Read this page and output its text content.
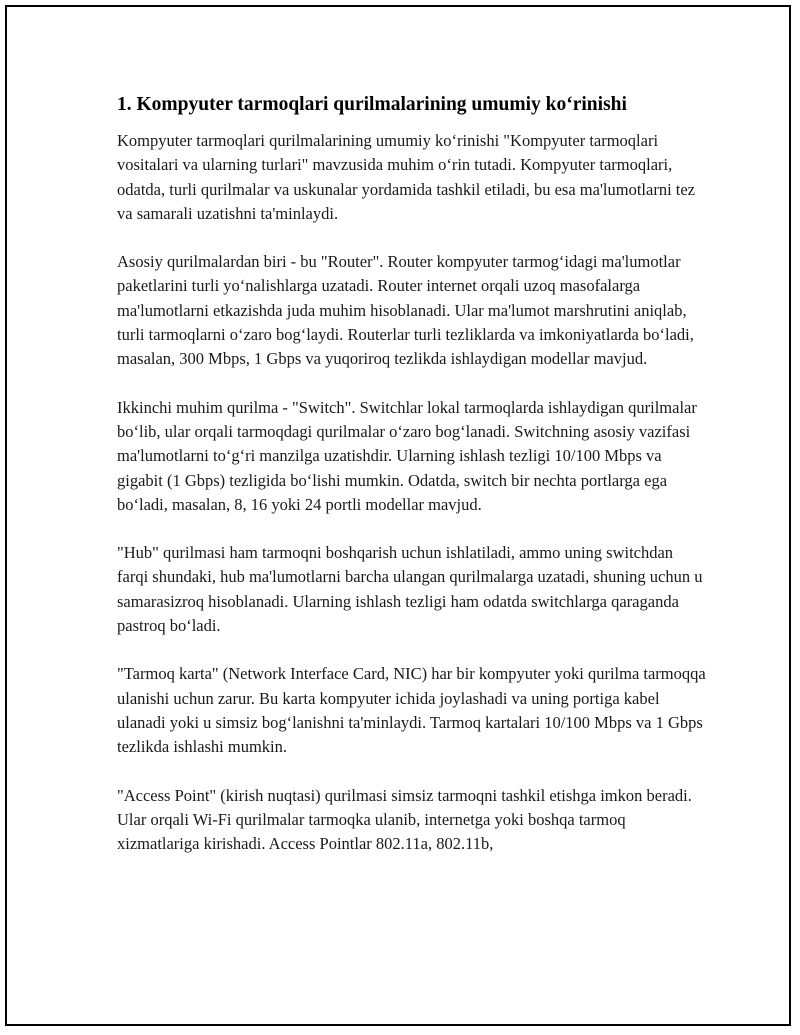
1. Kompyuter tarmoqlari qurilmalarining umumiy koʻrinishi

Kompyuter tarmoqlari qurilmalarining umumiy koʻrinishi "Kompyuter tarmoqlari vositalari va ularning turlari" mavzusida muhim oʻrin tutadi. Kompyuter tarmoqlari, odatda, turli qurilmalar va uskunalar yordamida tashkil etiladi, bu esa ma'lumotlarni tez va samarali uzatishni ta'minlaydi.

Asosiy qurilmalardan biri - bu "Router". Router kompyuter tarmogʻidagi ma'lumotlar paketlarini turli yoʻnalishlarga uzatadi. Router internet orqali uzoq masofalarga ma'lumotlarni etkazishda juda muhim hisoblanadi. Ular ma'lumot marshrutini aniqlab, turli tarmoqlarni oʻzaro bogʻlaydi. Routerlar turli tezliklarda va imkoniyatlarda boʻladi, masalan, 300 Mbps, 1 Gbps va yuqoriroq tezlikda ishlaydigan modellar mavjud.

Ikkinchi muhim qurilma - "Switch". Switchlar lokal tarmoqlarda ishlaydigan qurilmalar boʻlib, ular orqali tarmoqdagi qurilmalar oʻzaro bogʻlanadi. Switchning asosiy vazifasi ma'lumotlarni toʻgʻri manzilga uzatishdir. Ularning ishlash tezligi 10/100 Mbps va gigabit (1 Gbps) tezligida boʻlishi mumkin. Odatda, switch bir nechta portlarga ega boʻladi, masalan, 8, 16 yoki 24 portli modellar mavjud.

"Hub" qurilmasi ham tarmoqni boshqarish uchun ishlatiladi, ammo uning switchdan farqi shundaki, hub ma'lumotlarni barcha ulangan qurilmalarga uzatadi, shuning uchun u samarasizroq hisoblanadi. Ularning ishlash tezligi ham odatda switchlarga qaraganda pastroq boʻladi.

"Tarmoq karta" (Network Interface Card, NIC) har bir kompyuter yoki qurilma tarmoqqa ulanishi uchun zarur. Bu karta kompyuter ichida joylashadi va uning portiga kabel ulanadi yoki u simsiz bogʻlanishni ta'minlaydi. Tarmoq kartalari 10/100 Mbps va 1 Gbps tezlikda ishlashi mumkin.

"Access Point" (kirish nuqtasi) qurilmasi simsiz tarmoqni tashkil etishga imkon beradi. Ular orqali Wi-Fi qurilmalar tarmoqka ulanib, internetga yoki boshqa tarmoq xizmatlariga kirishadi. Access Pointlar 802.11a, 802.11b,
